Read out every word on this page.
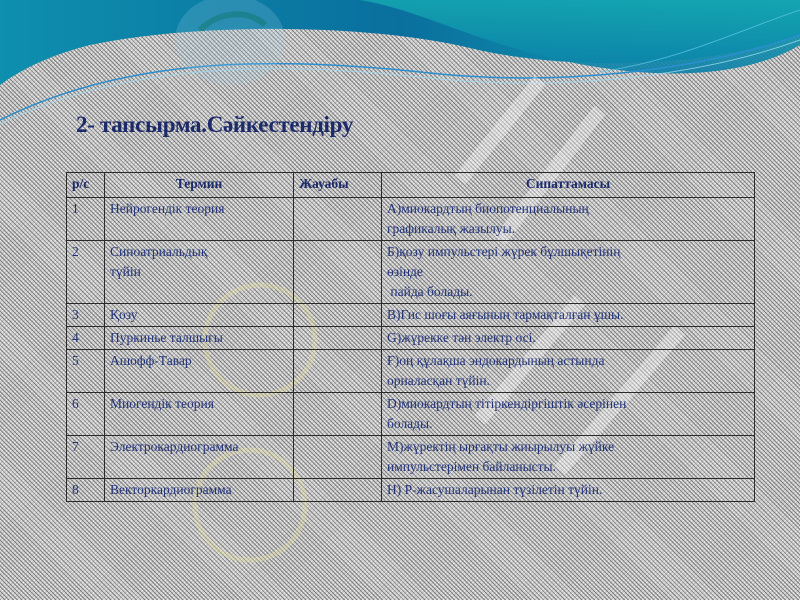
2- тапсырма.Сәйкестендіру
р/с	Термин	Жауабы	Сипаттамасы
1	Нейрогендік теория		А)миокардтың биопотенциалының
графикалық жазылуы.

2	Синоатриальдық түйін		Б)қозу импульстері жүрек бұлшықетінің
өзінде
пайда болады.

3	Қозу		В)Гис шоғы аяғының тармақталған ұшы.

4	Пуркинье талшығы		G)жүрекке тән электр осі.

5	Ашофф-Тавар		Ғ)оң құлақша эндокардының астында
орналасқан түйін.

6	Миогендік теория		D)миокардтың тітіркендіргіштік әсерінен
болады.

7	Электрокардиограмма		М)жүректің ырғақты жиырылуы жүйке
импульстерімен байланысты.

8	Векторкардиограмма		Н) Р-жасушаларынан түзілетін түйін.
